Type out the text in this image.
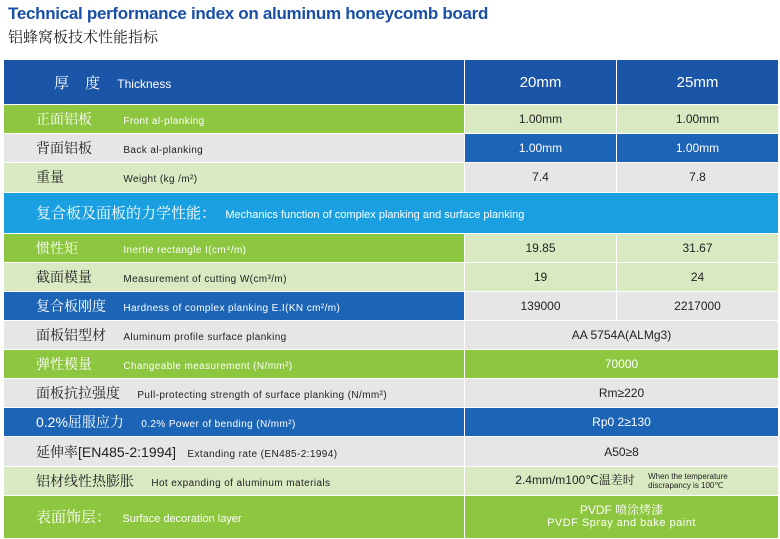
Technical performance index on aluminum honeycomb board
铝蜂窝板技术性能指标
厚 度 Thickness	20mm	25mm
正面铝板 Front al-planking	1.00mm	1.00mm
背面铝板 Back al-planking	1.00mm	1.00mm
重量 Weight (kg /m²)	7.4	7.8
复合板及面板的力学性能： Mechanics function of complex planking and surface planking		
惯性矩 Inertie rectangle I(cm⁴/m)	19.85	31.67
截面模量 Measurement of cutting W(cm³/m)	19	24
复合板刚度 Hardness of complex planking E.I(KN cm²/m)	139000	2217000
面板铝型材 Aluminum profile surface planking	AA 5754A(ALMg3)	
弹性模量 Changeable measurement (N/mm²)	70000	
面板抗拉强度 Pull-protecting strength of surface planking (N/mm²)	Rm≥220	
0.2%屈服应力 0.2% Power of bending (N/mm²)	Rp0 2≥130	
延伸率[EN485-2:1994] Extanding rate (EN485-2:1994)	A50≥8	
铝材线性热膨胀 Hot expanding of aluminum materials	2.4mm/m100℃温差时 When the temperature
discrapancy is 100℃	
表面饰层： Surface decoration layer	PVDF 喷涂烤漆
PVDF Spray and bake paint	
